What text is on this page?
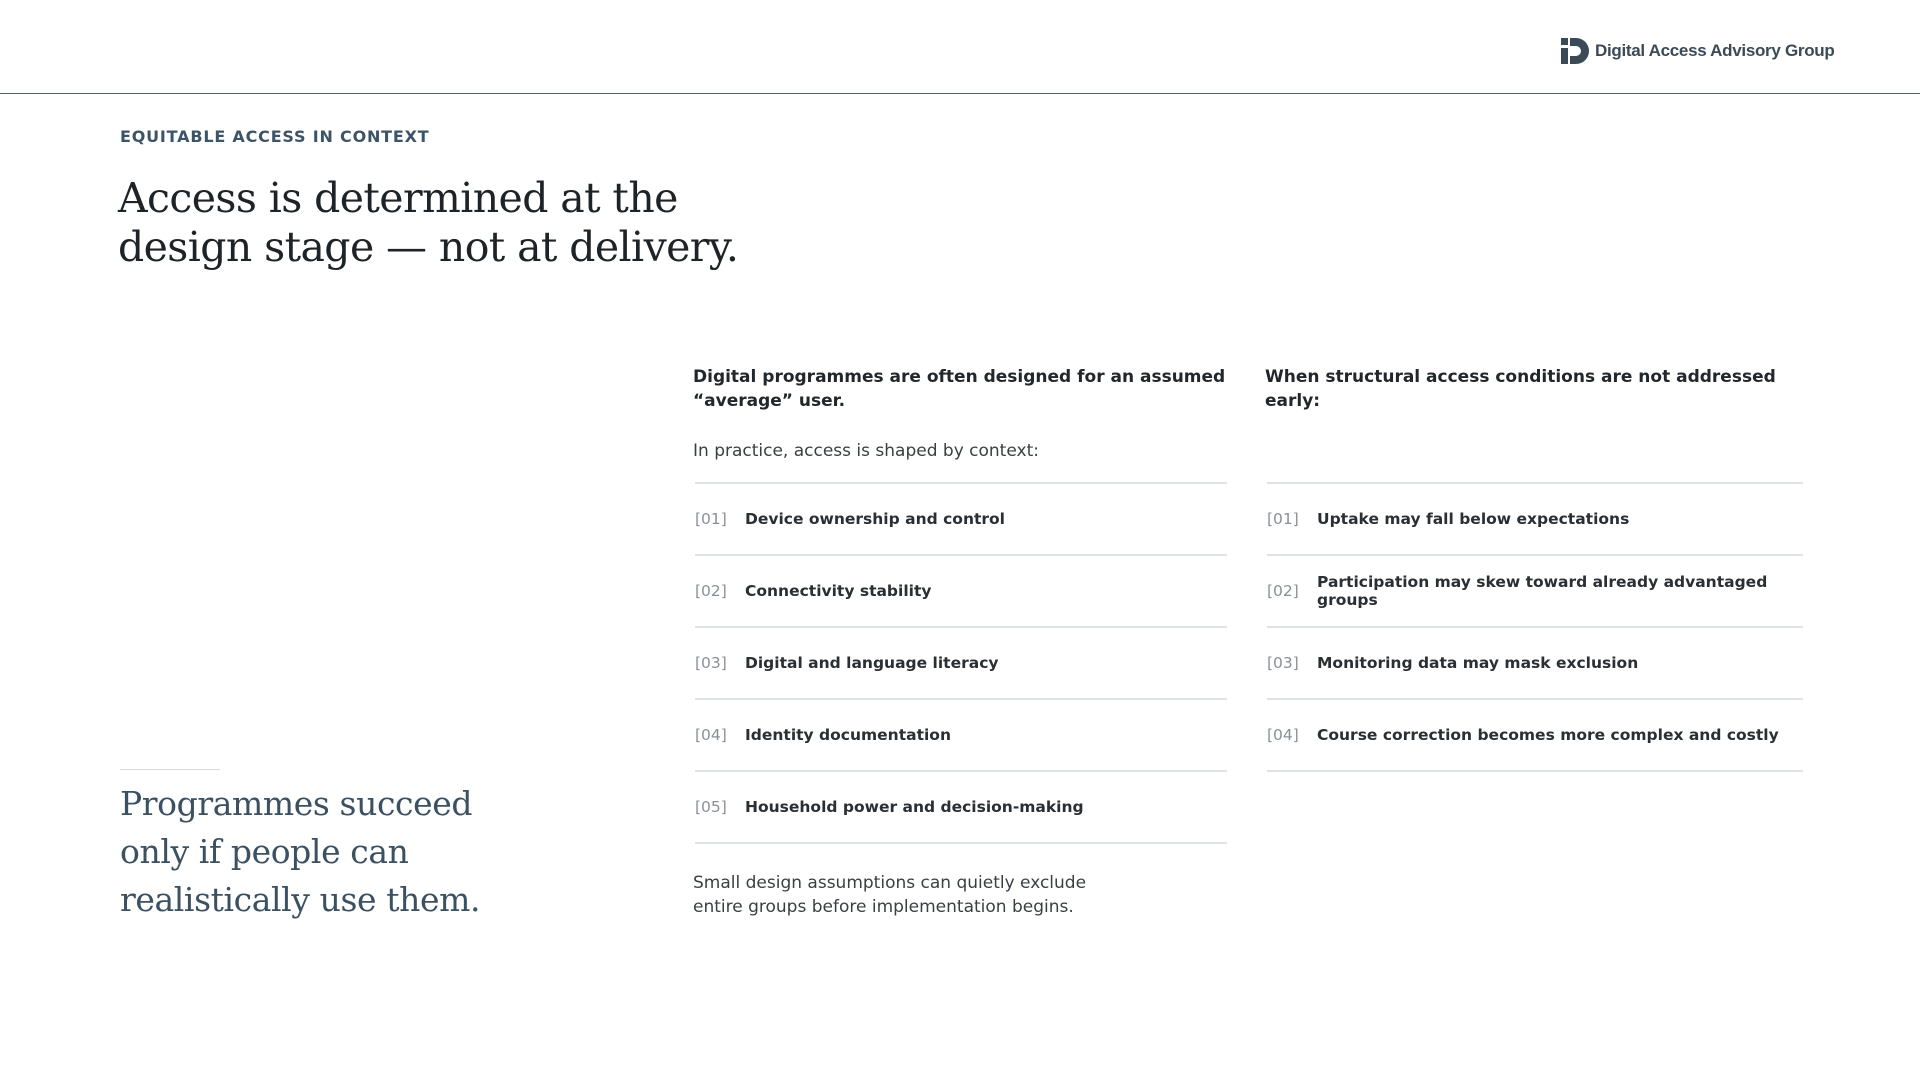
Digital Access Advisory Group
EQUITABLE ACCESS IN CONTEXT
Access is determined at the design stage — not at delivery.

Programmes succeed only if people can realistically use them.

Digital programmes are often designed for an assumed “average” user.

In practice, access is shaped by context:

[01]	Device ownership and control
[02]	Connectivity stability
[03]	Digital and language literacy
[04]	Identity documentation
[05]	Household power and decision-making

Small design assumptions can quietly exclude entire groups before implementation begins.

When structural access conditions are not addressed early:

[01]	Uptake may fall below expectations
[02]	Participation may skew toward already advantaged groups
[03]	Monitoring data may mask exclusion
[04]	Course correction becomes more complex and costly
